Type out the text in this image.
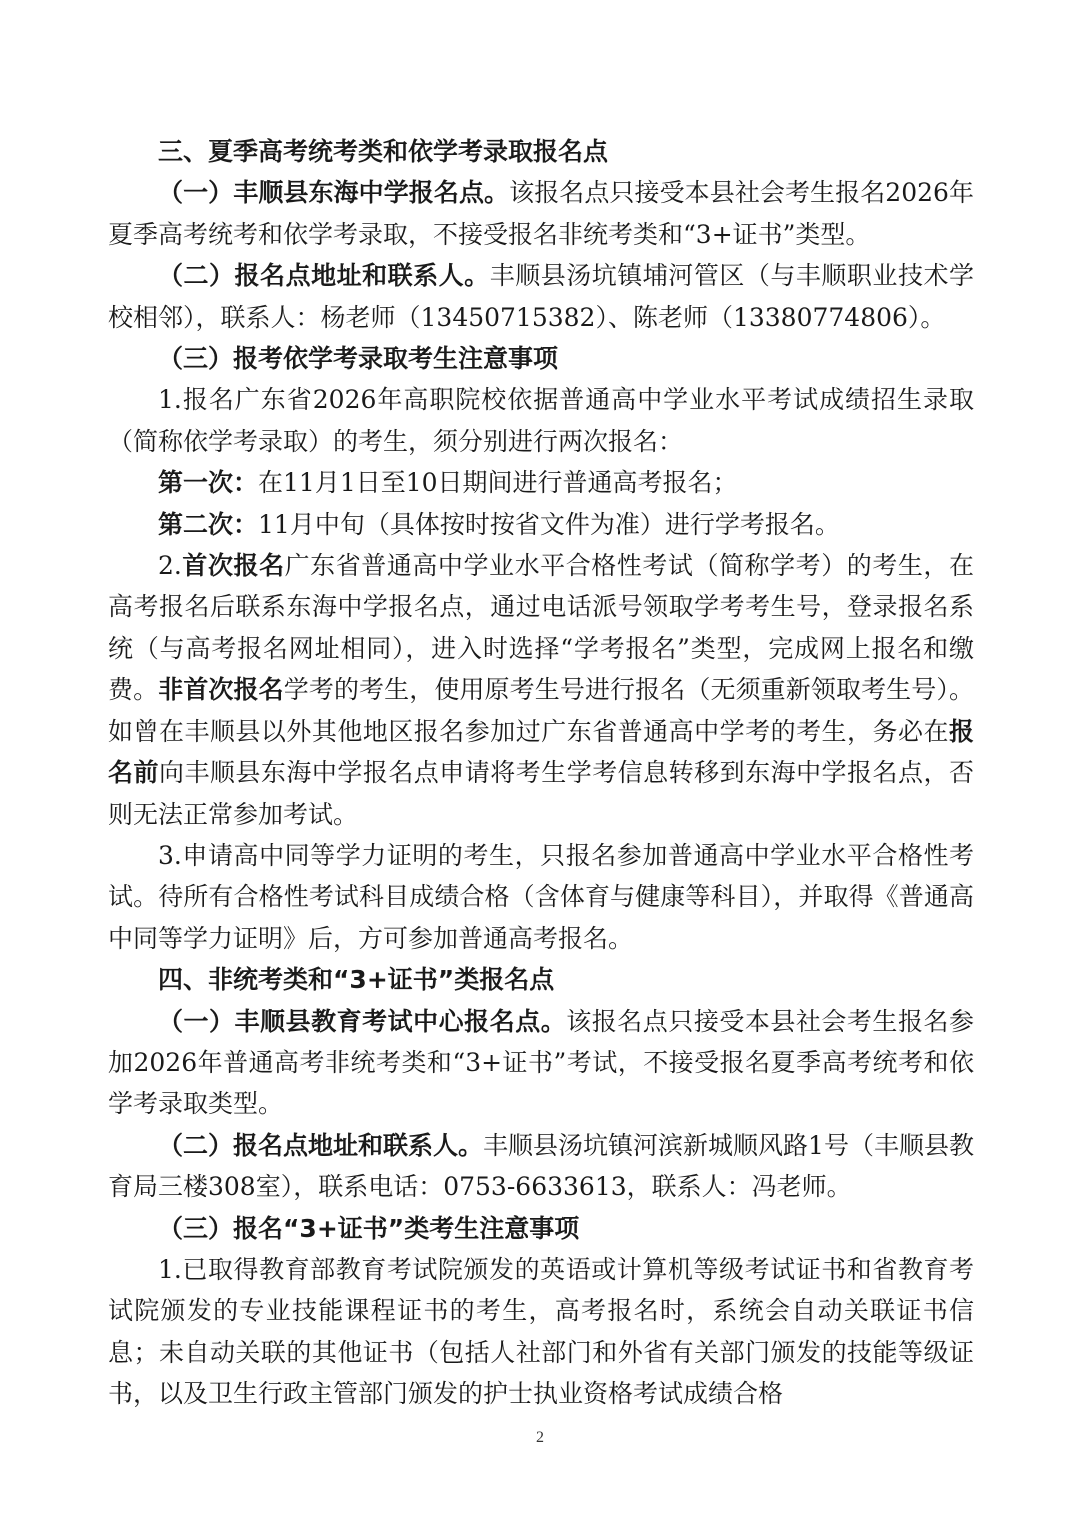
三、夏季高考统考类和依学考录取报名点

（一）丰顺县东海中学报名点。该报名点只接受本县社会考生报名2026年夏季高考统考和依学考录取，不接受报名非统考类和“3+证书”类型。

（二）报名点地址和联系人。丰顺县汤坑镇埔河管区（与丰顺职业技术学校相邻），联系人：杨老师（13450715382）、陈老师（13380774806）。

（三）报考依学考录取考生注意事项

1.报名广东省2026年高职院校依据普通高中学业水平考试成绩招生录取（简称依学考录取）的考生，须分别进行两次报名：

第一次：在11月1日至10日期间进行普通高考报名；

第二次：11月中旬（具体按时按省文件为准）进行学考报名。

2.首次报名广东省普通高中学业水平合格性考试（简称学考）的考生，在高考报名后联系东海中学报名点，通过电话派号领取学考考生号，登录报名系统（与高考报名网址相同），进入时选择“学考报名”类型，完成网上报名和缴费。非首次报名学考的考生，使用原考生号进行报名（无须重新领取考生号）。如曾在丰顺县以外其他地区报名参加过广东省普通高中学考的考生，务必在报名前向丰顺县东海中学报名点申请将考生学考信息转移到东海中学报名点，否则无法正常参加考试。

3.申请高中同等学力证明的考生，只报名参加普通高中学业水平合格性考试。待所有合格性考试科目成绩合格（含体育与健康等科目），并取得《普通高中同等学力证明》后，方可参加普通高考报名。

四、非统考类和“3+证书”类报名点

（一）丰顺县教育考试中心报名点。该报名点只接受本县社会考生报名参加2026年普通高考非统考类和“3+证书”考试，不接受报名夏季高考统考和依学考录取类型。

（二）报名点地址和联系人。丰顺县汤坑镇河滨新城顺风路1号（丰顺县教育局三楼308室），联系电话：0753-6633613，联系人：冯老师。

（三）报名“3+证书”类考生注意事项

1.已取得教育部教育考试院颁发的英语或计算机等级考试证书和省教育考试院颁发的专业技能课程证书的考生，高考报名时，系统会自动关联证书信息；未自动关联的其他证书（包括人社部门和外省有关部门颁发的技能等级证书，以及卫生行政主管部门颁发的护士执业资格考试成绩合格

2
